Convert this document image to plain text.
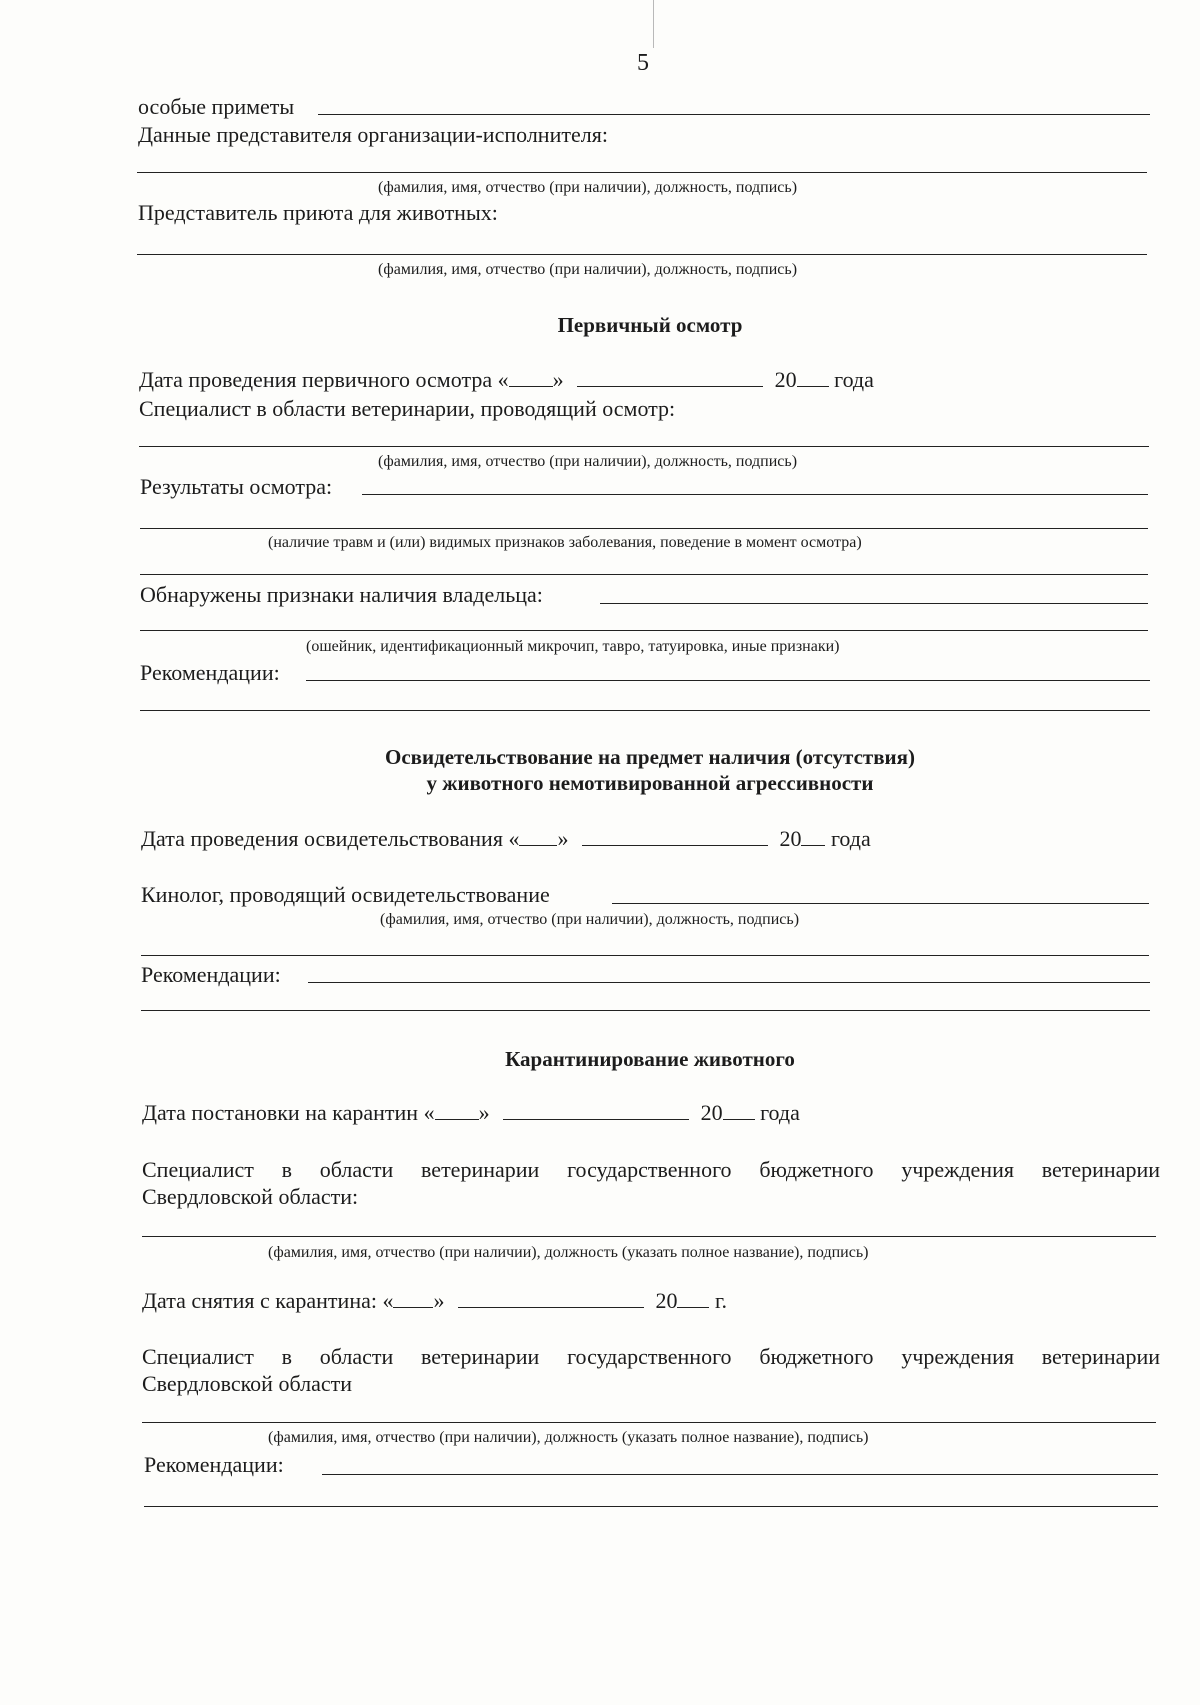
5
особые приметы
Данные представителя организации-исполнителя:
(фамилия, имя, отчество (при наличии), должность, подпись)
Представитель приюта для животных:
(фамилия, имя, отчество (при наличии), должность, подпись)
Первичный осмотр
Дата проведения первичного осмотра « »	20 года
Специалист в области ветеринарии, проводящий осмотр:
(фамилия, имя, отчество (при наличии), должность, подпись)
Результаты осмотра:
(наличие травм и (или) видимых признаков заболевания, поведение в момент осмотра)
Обнаружены признаки наличия владельца:
(ошейник, идентификационный микрочип, тавро, татуировка, иные признаки)
Рекомендации:
Освидетельствование на предмет наличия (отсутствия)
у животного немотивированной агрессивности
Дата проведения освидетельствования « »	20 года
Кинолог, проводящий освидетельствование
(фамилия, имя, отчество (при наличии), должность, подпись)
Рекомендации:
Карантинирование животного
Дата постановки на карантин « »	20 года
Специалист в области ветеринарии государственного бюджетного учреждения ветеринарии
Свердловской области:
(фамилия, имя, отчество (при наличии), должность (указать полное название), подпись)
Дата снятия с карантина: « »	20 г.
Специалист в области ветеринарии государственного бюджетного учреждения ветеринарии
Свердловской области
(фамилия, имя, отчество (при наличии), должность (указать полное название), подпись)
Рекомендации:
